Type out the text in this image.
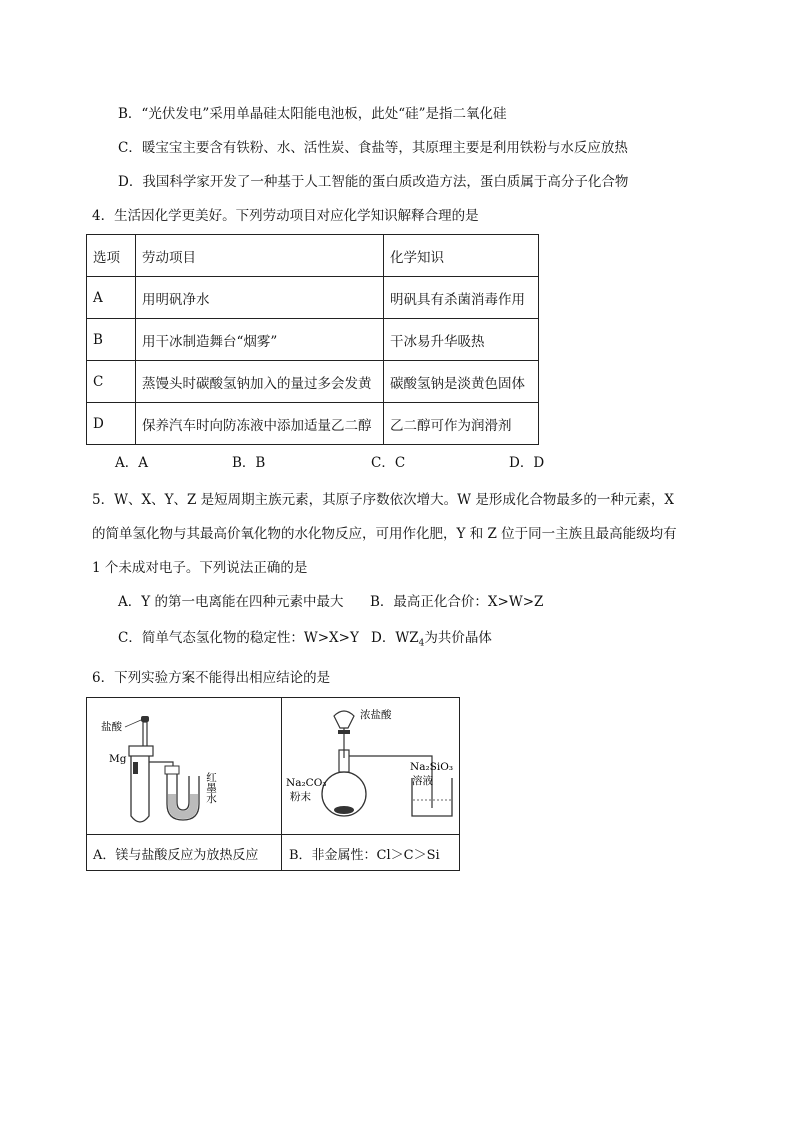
B．“光伏发电”采用单晶硅太阳能电池板，此处“硅”是指二氧化硅
C．暖宝宝主要含有铁粉、水、活性炭、食盐等，其原理主要是利用铁粉与水反应放热
D．我国科学家开发了一种基于人工智能的蛋白质改造方法，蛋白质属于高分子化合物
4．生活因化学更美好。下列劳动项目对应化学知识解释合理的是
选项	劳动项目	化学知识
A	用明矾净水	明矾具有杀菌消毒作用
B	用干冰制造舞台“烟雾”	干冰易升华吸热
C	蒸馒头时碳酸氢钠加入的量过多会发黄	碳酸氢钠是淡黄色固体
D	保养汽车时向防冻液中添加适量乙二醇	乙二醇可作为润滑剂
A．A	B．B	C．C	D．D
5．W、X、Y、Z 是短周期主族元素，其原子序数依次增大。W 是形成化合物最多的一种元素，X
的简单氢化物与其最高价氧化物的水化物反应，可用作化肥，Y 和 Z 位于同一主族且最高能级均有
1 个未成对电子。下列说法正确的是
A．Y 的第一电离能在四种元素中最大 B．最高正化合价：X>W>Z
C．简单气态氢化物的稳定性：W>X>Y D．$WZ_4$为共价晶体
6．下列实验方案不能得出相应结论的是
盐酸
Mg
红墨水
浓盐酸
Na₂CO₃
粉末
Na₂SiO₃
溶液
A．镁与盐酸反应为放热反应 B．非金属性：Cl＞C＞Si
